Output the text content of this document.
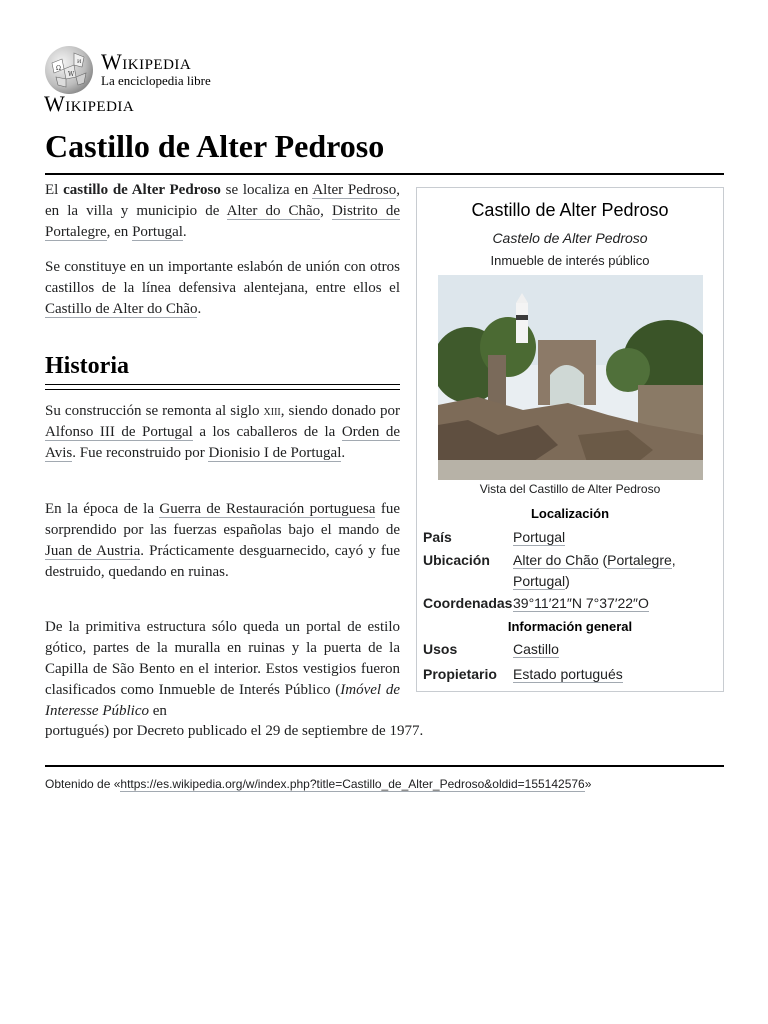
Ω
W
И Wikipedia
La enciclopedia libre
Wikipedia
Castillo de Alter Pedroso

El castillo de Alter Pedroso se localiza en Alter Pedroso, en la villa y municipio de Alter do Chão, Distrito de Portalegre, en Portugal.

Se constituye en un importante eslabón de unión con otros castillos de la línea defensiva alentejana, entre ellos el Castillo de Alter do Chão.

Historia

Su construcción se remonta al siglo xiii, siendo donado por Alfonso III de Portugal a los caballeros de la Orden de Avis. Fue reconstruido por Dionisio I de Portugal.

En la época de la Guerra de Restauración portuguesa fue sorprendido por las fuerzas españolas bajo el mando de Juan de Austria. Prácticamente desguarnecido, cayó y fue destruido, quedando en ruinas.

De la primitiva estructura sólo queda un portal de estilo gótico, partes de la muralla en ruinas y la puerta de la Capilla de São Bento en el interior. Estos vestigios fueron clasificados como Inmueble de Interés Público (Imóvel de Interesse Público en

portugués) por Decreto publicado el 29 de septiembre de 1977.

Castillo de Alter Pedroso
Castelo de Alter Pedroso
Inmueble de interés público
Vista del Castillo de Alter Pedroso
Localización
País	Portugal
Ubicación Alter do Chão (Portalegre,
Portugal)
Coordenadas 39°11′21″N 7°37′22″O
Información general
Usos	Castillo
Propietario Estado portugués
Obtenido de «https://es.wikipedia.org/w/index.php?title=Castillo_de_Alter_Pedroso&oldid=155142576»
